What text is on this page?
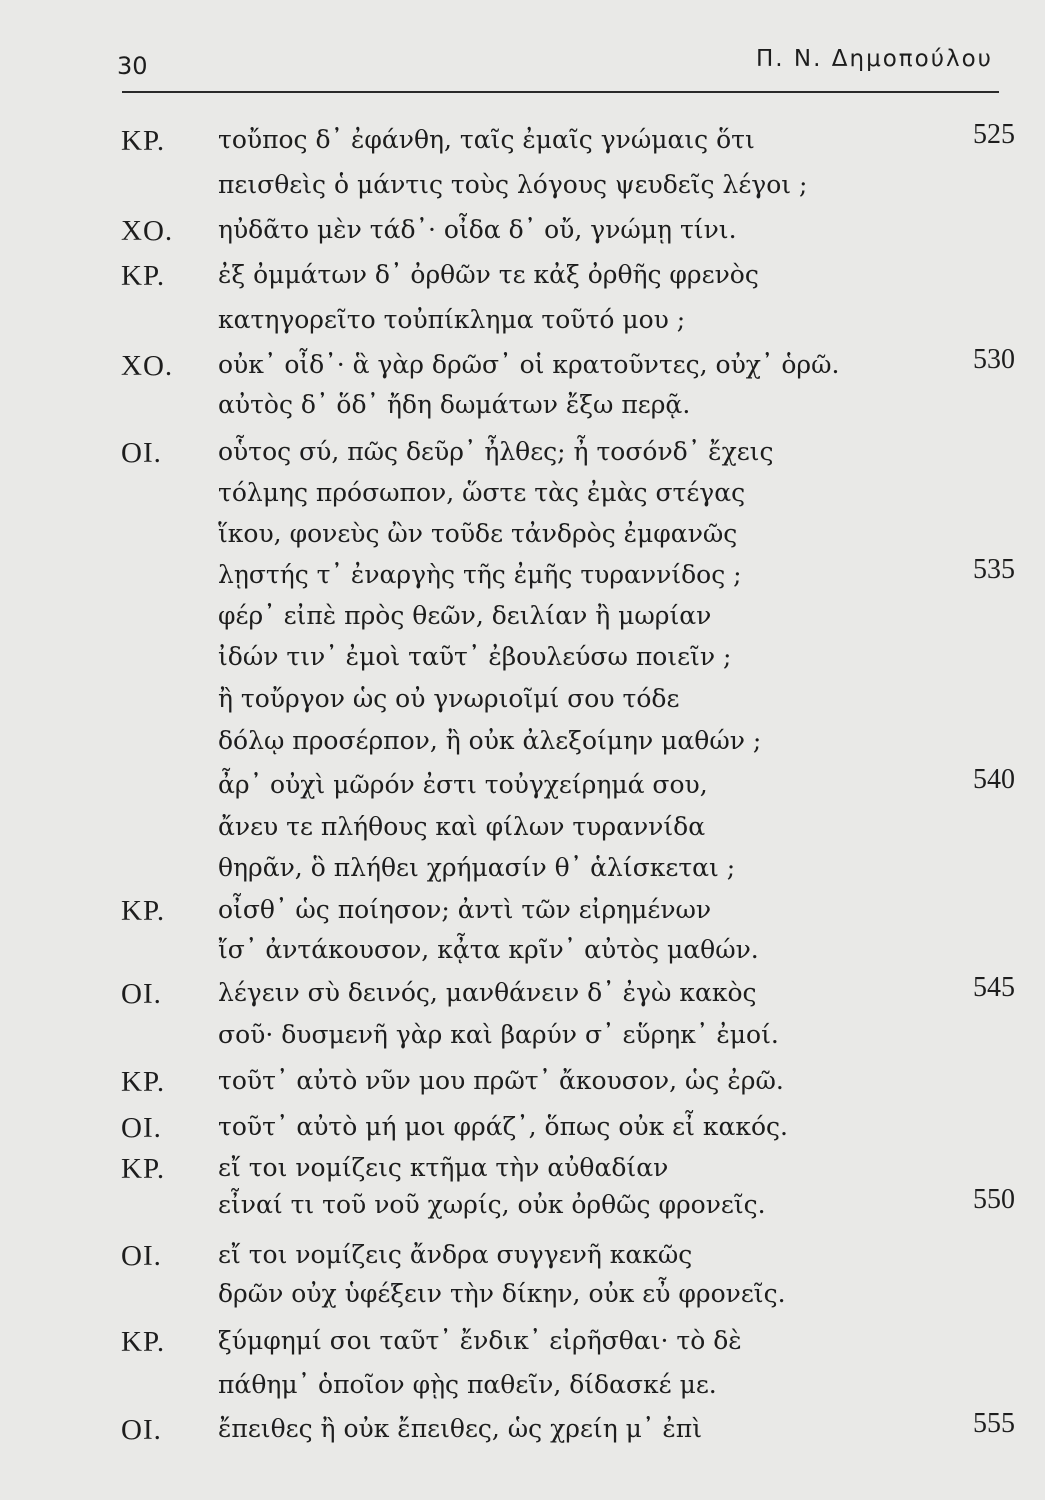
30	Π. Ν. Δημοπούλου
ΚΡ. τοὔπος δ᾽ ἐφάνθη, ταῖς ἐμαῖς γνώμαις ὅτι	525
πεισθεὶς ὁ μάντις τοὺς λόγους ψευδεῖς λέγοι ;
ΧΟ. ηὐδᾶτο μὲν τάδ᾽· οἶδα δ᾽ οὔ, γνώμῃ τίνι.
ΚΡ. ἐξ ὀμμάτων δ᾽ ὀρθῶν τε κἀξ ὀρθῆς φρενὸς
κατηγορεῖτο τοὐπίκλημα τοῦτό μου ;
ΧΟ. οὐκ᾽ οἶδ᾽· ἃ γὰρ δρῶσ᾽ οἱ κρατοῦντες, οὐχ᾽ ὁρῶ.	530
αὐτὸς δ᾽ ὅδ᾽ ἤδη δωμάτων ἔξω περᾷ.
ΟΙ. οὗτος σύ, πῶς δεῦρ᾽ ἦλθες; ἦ τοσόνδ᾽ ἔχεις
τόλμης πρόσωπον, ὥστε τὰς ἐμὰς στέγας
ἵκου, φονεὺς ὢν τοῦδε τἀνδρὸς ἐμφανῶς
λῃστής τ᾽ ἐναργὴς τῆς ἐμῆς τυραννίδος ;	535
φέρ᾽ εἰπὲ πρὸς θεῶν, δειλίαν ἢ μωρίαν
ἰδών τιν᾽ ἐμοὶ ταῦτ᾽ ἐβουλεύσω ποιεῖν ;
ἢ τοὔργον ὡς οὐ γνωριοῖμί σου τόδε
δόλῳ προσέρπον, ἢ οὐκ ἀλεξοίμην μαθών ;
ἆρ᾽ οὐχὶ μῶρόν ἐστι τοὐγχείρημά σου,	540
ἄνευ τε πλήθους καὶ φίλων τυραννίδα
θηρᾶν, ὃ πλήθει χρήμασίν θ᾽ ἁλίσκεται ;
ΚΡ. οἶσθ᾽ ὡς ποίησον; ἀντὶ τῶν εἰρημένων
ἴσ᾽ ἀντάκουσον, κᾆτα κρῖν᾽ αὐτὸς μαθών.
ΟΙ. λέγειν σὺ δεινός, μανθάνειν δ᾽ ἐγὼ κακὸς	545
σοῦ· δυσμενῆ γὰρ καὶ βαρύν σ᾽ εὕρηκ᾽ ἐμοί.
ΚΡ. τοῦτ᾽ αὐτὸ νῦν μου πρῶτ᾽ ἄκουσον, ὡς ἐρῶ.
ΟΙ. τοῦτ᾽ αὐτὸ μή μοι φράζ᾽, ὅπως οὐκ εἶ κακός.
ΚΡ. εἴ τοι νομίζεις κτῆμα τὴν αὐθαδίαν
εἶναί τι τοῦ νοῦ χωρίς, οὐκ ὀρθῶς φρονεῖς.	550
ΟΙ. εἴ τοι νομίζεις ἄνδρα συγγενῆ κακῶς
δρῶν οὐχ ὑφέξειν τὴν δίκην, οὐκ εὖ φρονεῖς.
ΚΡ. ξύμφημί σοι ταῦτ᾽ ἔνδικ᾽ εἰρῆσθαι· τὸ δὲ
πάθημ᾽ ὁποῖον φῂς παθεῖν, δίδασκέ με.
ΟΙ. ἔπειθες ἢ οὐκ ἔπειθες, ὡς χρείη μ᾽ ἐπὶ	555
